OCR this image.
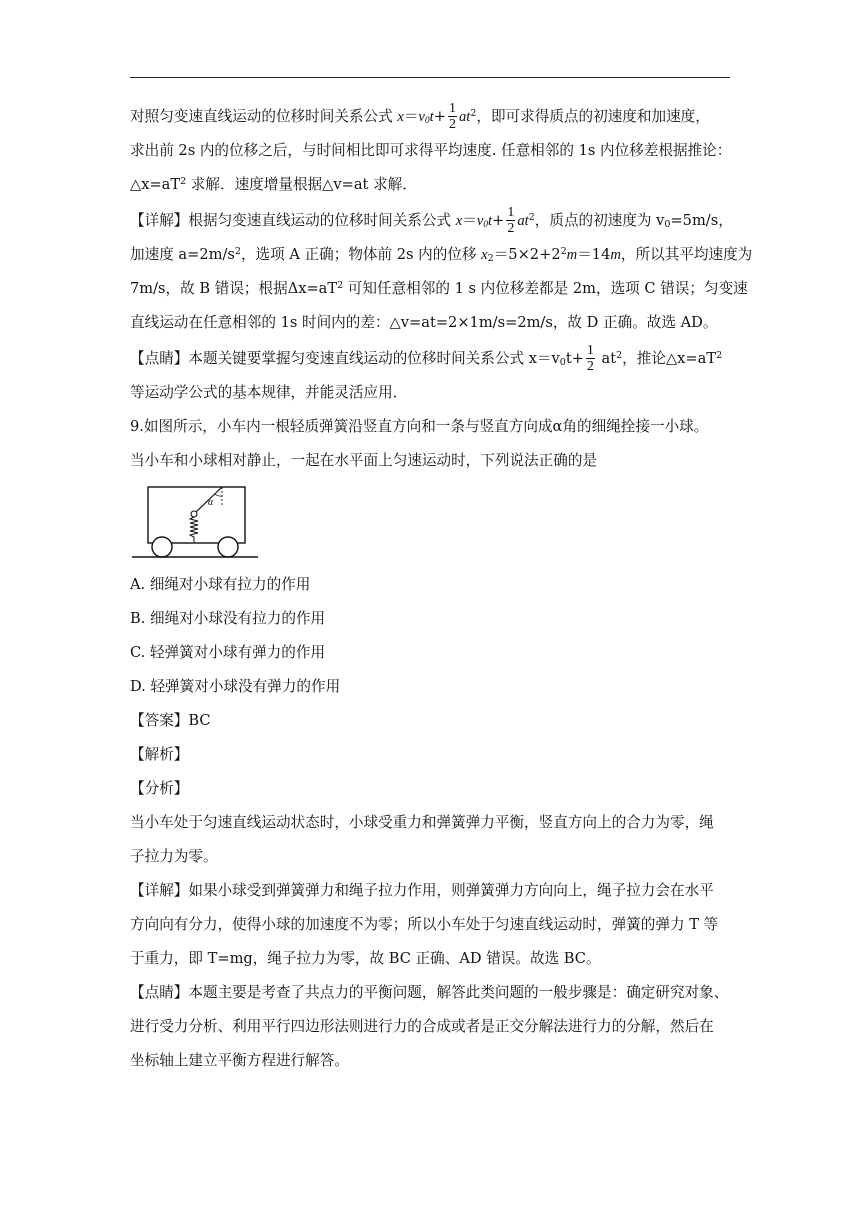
对照匀变速直线运动的位移时间关系公式 $x=v_0t+ \frac{1}{2} at^2$，即可求得质点的初速度和加速度，

求出前 2s 内的位移之后，与时间相比即可求得平均速度. 任意相邻的 1s 内位移差根据推论：

$\triangle x=aT^2$ 求解．速度增量根据△v=at 求解．

【详解】根据匀变速直线运动的位移时间关系公式 $x=v_0t+ \frac{1}{2} at^2$，质点的初速度为 $v_0=5m/s$，

加速度 $a=2m/s^2$，选项 A 正确；物体前 2s 内的位移 $x_2=5\times 2+2^2m=14m$，所以其平均速度为

7m/s，故 B 错误；根据$\Delta x=aT^2$ 可知任意相邻的 1 s 内位移差都是 2m，选项 C 错误；匀变速

直线运动在任意相邻的 1s 时间内的差：△v=at=2×1m/s=2m/s，故 D 正确。故选 AD。

【点睛】本题关键要掌握匀变速直线运动的位移时间关系公式 $x=v_0t+ \frac{1}{2} at^2$，推论$\triangle x=aT^2$

等运动学公式的基本规律，并能灵活应用．

9.如图所示，小车内一根轻质弹簧沿竖直方向和一条与竖直方向成α角的细绳拴接一小球。

当小车和小球相对静止，一起在水平面上匀速运动时，下列说法正确的是

α

A. 细绳对小球有拉力的作用

B. 细绳对小球没有拉力的作用

C. 轻弹簧对小球有弹力的作用

D. 轻弹簧对小球没有弹力的作用

【答案】BC

【解析】

【分析】

当小车处于匀速直线运动状态时，小球受重力和弹簧弹力平衡，竖直方向上的合力为零，绳

子拉力为零。

【详解】如果小球受到弹簧弹力和绳子拉力作用，则弹簧弹力方向向上，绳子拉力会在水平

方向向有分力，使得小球的加速度不为零；所以小车处于匀速直线运动时，弹簧的弹力 T 等

于重力，即 T=mg，绳子拉力为零，故 BC 正确、AD 错误。故选 BC。

【点睛】本题主要是考查了共点力的平衡问题，解答此类问题的一般步骤是：确定研究对象、

进行受力分析、利用平行四边形法则进行力的合成或者是正交分解法进行力的分解，然后在

坐标轴上建立平衡方程进行解答。
